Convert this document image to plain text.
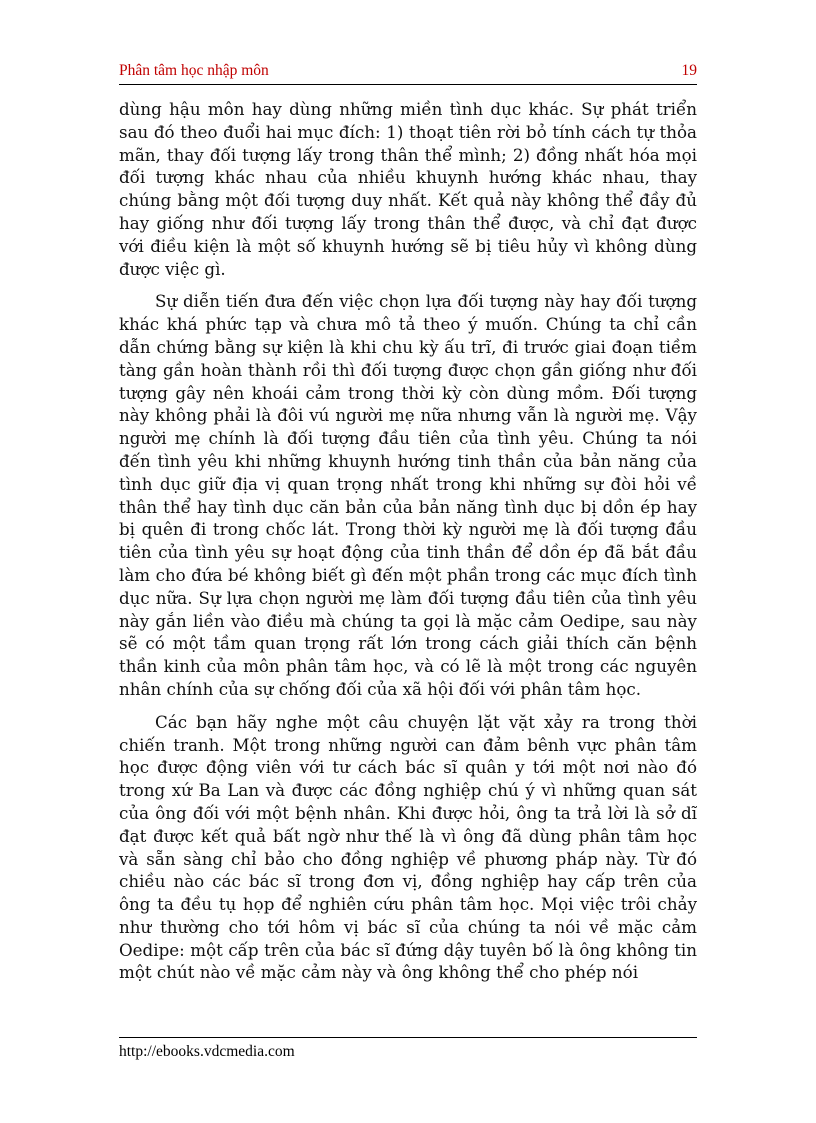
Phân tâm học nhập môn	19

dùng hậu môn hay dùng những miền tình dục khác. Sự phát triển sau đó theo đuổi hai mục đích: 1) thoạt tiên rời bỏ tính cách tự thỏa mãn, thay đối tượng lấy trong thân thể mình; 2) đồng nhất hóa mọi đối tượng khác nhau của nhiều khuynh hướng khác nhau, thay chúng bằng một đối tượng duy nhất. Kết quả này không thể đầy đủ hay giống như đối tượng lấy trong thân thể được, và chỉ đạt được với điều kiện là một số khuynh hướng sẽ bị tiêu hủy vì không dùng được việc gì.

Sự diễn tiến đưa đến việc chọn lựa đối tượng này hay đối tượng khác khá phức tạp và chưa mô tả theo ý muốn. Chúng ta chỉ cần dẫn chứng bằng sự kiện là khi chu kỳ ấu trĩ, đi trước giai đoạn tiềm tàng gần hoàn thành rồi thì đối tượng được chọn gần giống như đối tượng gây nên khoái cảm trong thời kỳ còn dùng mồm. Đối tượng này không phải là đôi vú người mẹ nữa nhưng vẫn là người mẹ. Vậy người mẹ chính là đối tượng đầu tiên của tình yêu. Chúng ta nói đến tình yêu khi những khuynh hướng tinh thần của bản năng của tình dục giữ địa vị quan trọng nhất trong khi những sự đòi hỏi về thân thể hay tình dục căn bản của bản năng tình dục bị dồn ép hay bị quên đi trong chốc lát. Trong thời kỳ người mẹ là đối tượng đầu tiên của tình yêu sự hoạt động của tinh thần để dồn ép đã bắt đầu làm cho đứa bé không biết gì đến một phần trong các mục đích tình dục nữa. Sự lựa chọn người mẹ làm đối tượng đầu tiên của tình yêu này gắn liền vào điều mà chúng ta gọi là mặc cảm Oedipe, sau này sẽ có một tầm quan trọng rất lớn trong cách giải thích căn bệnh thần kinh của môn phân tâm học, và có lẽ là một trong các nguyên nhân chính của sự chống đối của xã hội đối với phân tâm học.

Các bạn hãy nghe một câu chuyện lặt vặt xảy ra trong thời chiến tranh. Một trong những người can đảm bênh vực phân tâm học được động viên với tư cách bác sĩ quân y tới một nơi nào đó trong xứ Ba Lan và được các đồng nghiệp chú ý vì những quan sát của ông đối với một bệnh nhân. Khi được hỏi, ông ta trả lời là sở dĩ đạt được kết quả bất ngờ như thế là vì ông đã dùng phân tâm học và sẵn sàng chỉ bảo cho đồng nghiệp về phương pháp này. Từ đó chiều nào các bác sĩ trong đơn vị, đồng nghiệp hay cấp trên của ông ta đều tụ họp để nghiên cứu phân tâm học. Mọi việc trôi chảy như thường cho tới hôm vị bác sĩ của chúng ta nói về mặc cảm Oedipe: một cấp trên của bác sĩ đứng dậy tuyên bố là ông không tin một chút nào về mặc cảm này và ông không thể cho phép nói

http://ebooks.vdcmedia.com
